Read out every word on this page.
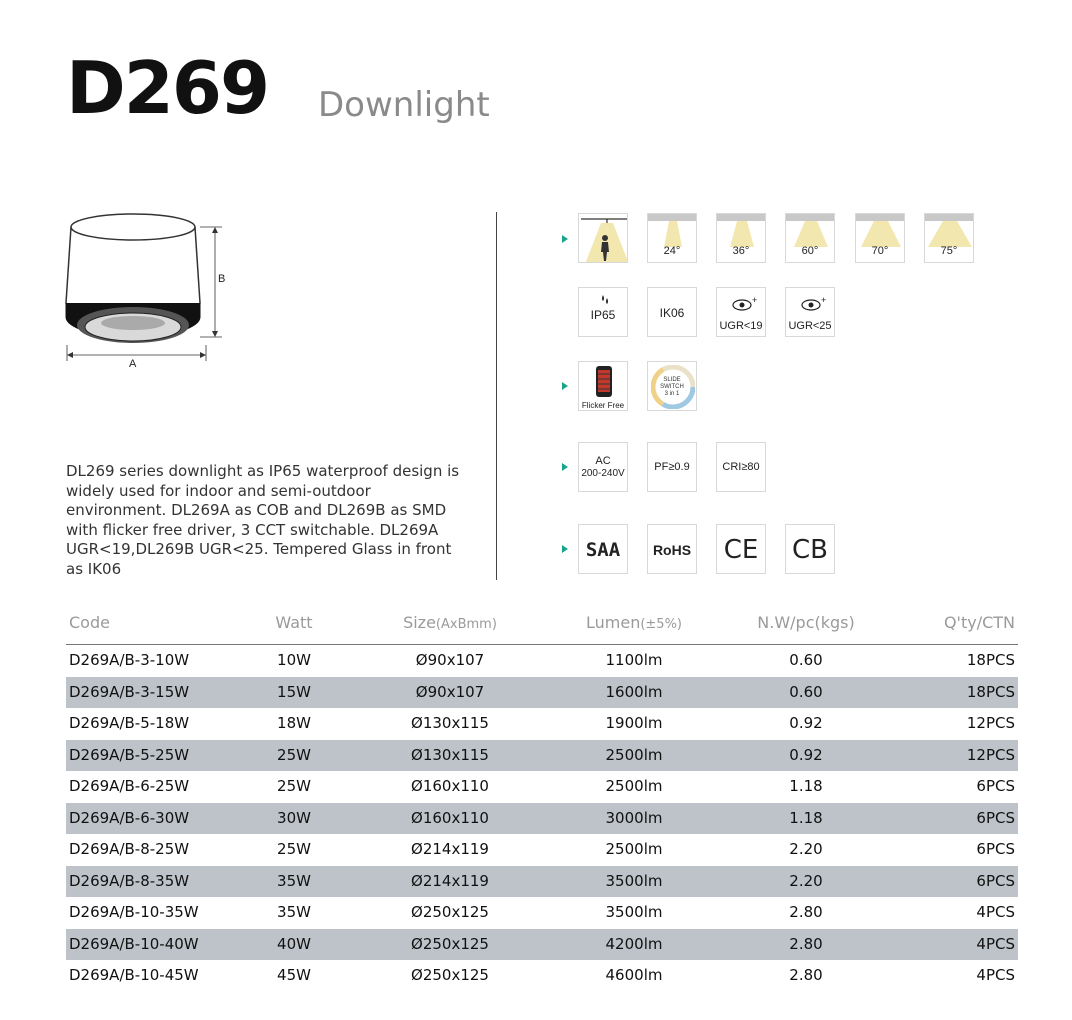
D269 Downlight
B
A
DL269 series downlight as IP65 waterproof design is widely used for indoor and semi-outdoor environment. DL269A as COB and DL269B as SMD with flicker free driver, 3 CCT switchable. DL269A UGR<19,DL269B UGR<25. Tempered Glass in front as IK06
24°	36°	60°	70°	75°
IP65	IK06
+
UGR<19
+
UGR<25
Flicker Free
SLIDE
SWITCH
3 in 1
AC
200-240V
PF≥0.9	CRI≥80
SAA	RoHS CE CB
Code	Watt	Size(AxBmm)	Lumen(±5%)	N.W/pc(kgs)	Q'ty/CTN
D269A/B-3-10W	10W	Ø90x107	1100lm	0.60	18PCS
D269A/B-3-15W	15W	Ø90x107	1600lm	0.60	18PCS
D269A/B-5-18W	18W	Ø130x115	1900lm	0.92	12PCS
D269A/B-5-25W	25W	Ø130x115	2500lm	0.92	12PCS
D269A/B-6-25W	25W	Ø160x110	2500lm	1.18	6PCS
D269A/B-6-30W	30W	Ø160x110	3000lm	1.18	6PCS
D269A/B-8-25W	25W	Ø214x119	2500lm	2.20	6PCS
D269A/B-8-35W	35W	Ø214x119	3500lm	2.20	6PCS
D269A/B-10-35W	35W	Ø250x125	3500lm	2.80	4PCS
D269A/B-10-40W	40W	Ø250x125	4200lm	2.80	4PCS
D269A/B-10-45W	45W	Ø250x125	4600lm	2.80	4PCS
